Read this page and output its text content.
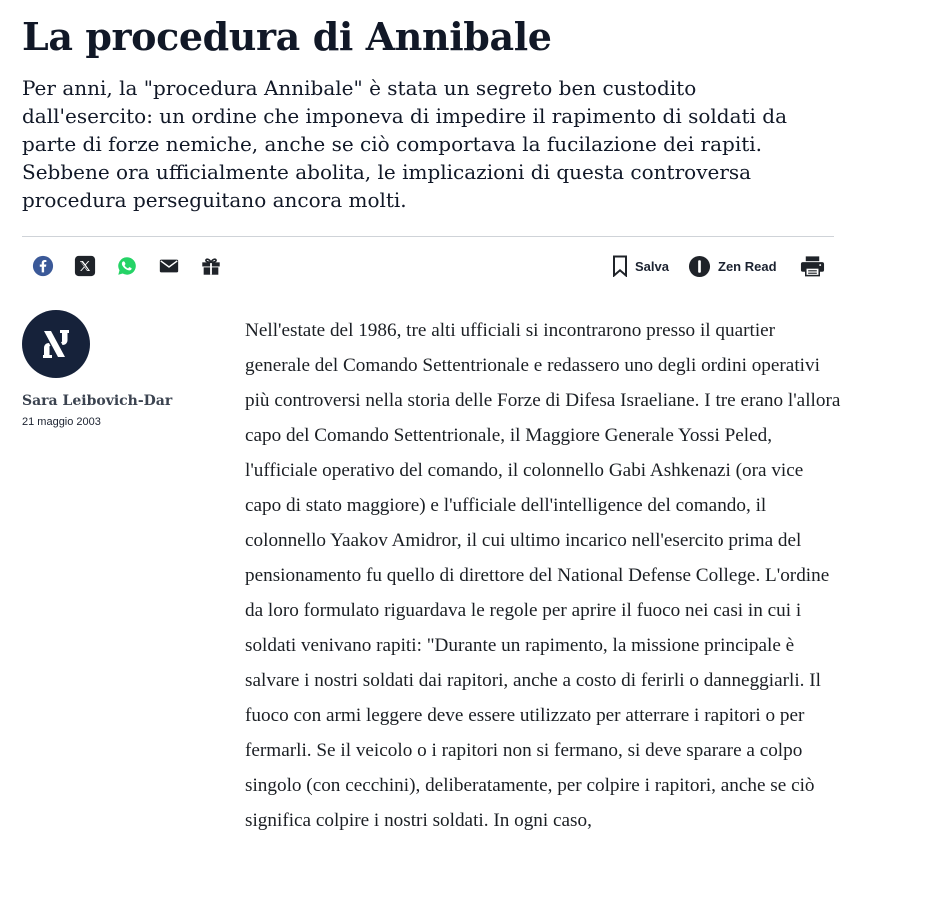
La procedura di Annibale

Per anni, la "procedura Annibale" è stata un segreto ben custodito dall'esercito: un ordine che imponeva di impedire il rapimento di soldati da parte di forze nemiche, anche se ciò comportava la fucilazione dei rapiti. Sebbene ora ufficialmente abolita, le implicazioni di questa controversa procedura perseguitano ancora molti.

Salva	Zen Read
Sara Leibovich-Dar
21 maggio 2003

Nell'estate del 1986, tre alti ufficiali si incontrarono presso il quartier generale del Comando Settentrionale e redassero uno degli ordini operativi più controversi nella storia delle Forze di Difesa Israeliane. I tre erano l'allora capo del Comando Settentrionale, il Maggiore Generale Yossi Peled, l'ufficiale operativo del comando, il colonnello Gabi Ashkenazi (ora vice capo di stato maggiore) e l'ufficiale dell'intelligence del comando, il colonnello Yaakov Amidror, il cui ultimo incarico nell'esercito prima del pensionamento fu quello di direttore del National Defense College. L'ordine da loro formulato riguardava le regole per aprire il fuoco nei casi in cui i soldati venivano rapiti: "Durante un rapimento, la missione principale è salvare i nostri soldati dai rapitori, anche a costo di ferirli o danneggiarli. Il fuoco con armi leggere deve essere utilizzato per atterrare i rapitori o per fermarli. Se il veicolo o i rapitori non si fermano, si deve sparare a colpo singolo (con cecchini), deliberatamente, per colpire i rapitori, anche se ciò significa colpire i nostri soldati. In ogni caso,
